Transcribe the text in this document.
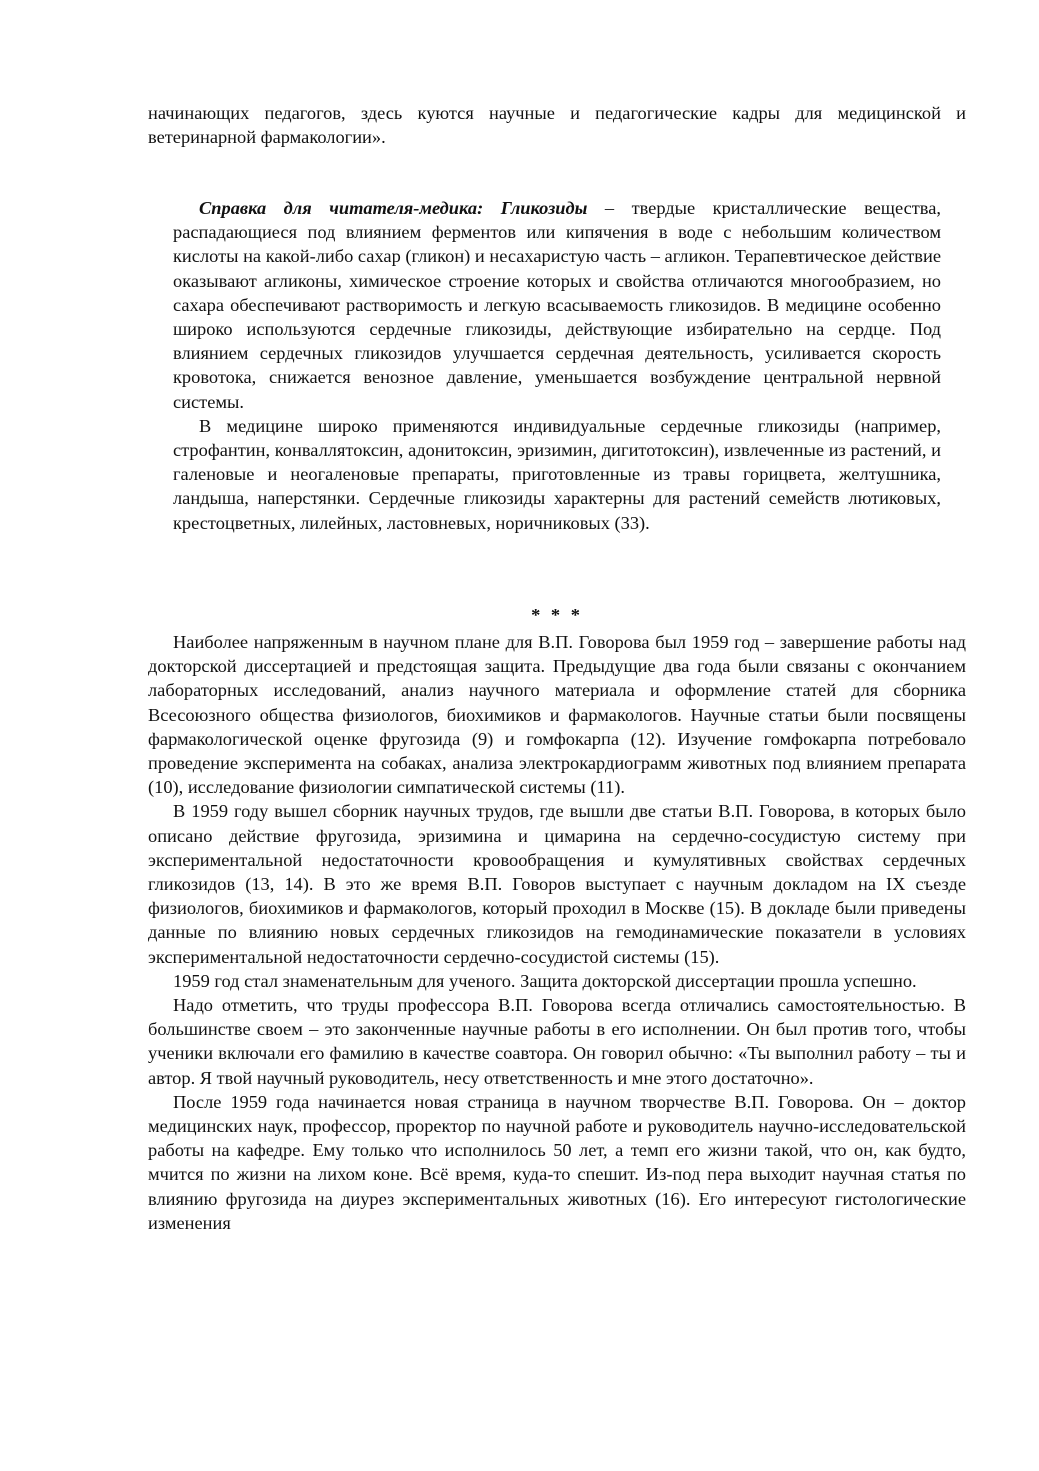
начинающих педагогов, здесь куются научные и педагогические кадры для медицинской и ветеринарной фармакологии».

Справка для читателя-медика: Гликозиды – твердые кристаллические вещества, распадающиеся под влиянием ферментов или кипячения в воде с небольшим количеством кислоты на какой-либо сахар (гликон) и несахаристую часть – агликон. Терапевтическое действие оказывают агликоны, химическое строение которых и свойства отличаются многообразием, но сахара обеспечивают растворимость и легкую всасываемость гликозидов. В медицине особенно широко используются сердечные гликозиды, действующие избирательно на сердце. Под влиянием сердечных гликозидов улучшается сердечная деятельность, усиливается скорость кровотока, снижается венозное давление, уменьшается возбуждение центральной нервной системы.

В медицине широко применяются индивидуальные сердечные гликозиды (например, строфантин, конваллятоксин, адонитоксин, эризимин, дигитотоксин), извлеченные из растений, и галеновые и неогаленовые препараты, приготовленные из травы горицвета, желтушника, ландыша, наперстянки. Сердечные гликозиды характерны для растений семейств лютиковых, крестоцветных, лилейных, ластовневых, норичниковых (33).

* * *

Наиболее напряженным в научном плане для В.П. Говорова был 1959 год – завершение работы над докторской диссертацией и предстоящая защита. Предыдущие два года были связаны с окончанием лабораторных исследований, анализ научного материала и оформление статей для сборника Всесоюзного общества физиологов, биохимиков и фармакологов. Научные статьи были посвящены фармакологической оценке фругозида (9) и гомфокарпа (12). Изучение гомфокарпа потребовало проведение эксперимента на собаках, анализа электрокардиограмм животных под влиянием препарата (10), исследование физиологии симпатической системы (11).

В 1959 году вышел сборник научных трудов, где вышли две статьи В.П. Говорова, в которых было описано действие фругозида, эризимина и цимарина на сердечно-сосудистую систему при экспериментальной недостаточности кровообращения и кумулятивных свойствах сердечных гликозидов (13, 14). В это же время В.П. Говоров выступает с научным докладом на IX съезде физиологов, биохимиков и фармакологов, который проходил в Москве (15). В докладе были приведены данные по влиянию новых сердечных гликозидов на гемодинамические показатели в условиях экспериментальной недостаточности сердечно-сосудистой системы (15).

1959 год стал знаменательным для ученого. Защита докторской диссертации прошла успешно.

Надо отметить, что труды профессора В.П. Говорова всегда отличались самостоятельностью. В большинстве своем – это законченные научные работы в его исполнении. Он был против того, чтобы ученики включали его фамилию в качестве соавтора. Он говорил обычно: «Ты выполнил работу – ты и автор. Я твой научный руководитель, несу ответственность и мне этого достаточно».

После 1959 года начинается новая страница в научном творчестве В.П. Говорова. Он – доктор медицинских наук, профессор, проректор по научной работе и руководитель научно-исследовательской работы на кафедре. Ему только что исполнилось 50 лет, а темп его жизни такой, что он, как будто, мчится по жизни на лихом коне. Всё время, куда-то спешит. Из-под пера выходит научная статья по влиянию фругозида на диурез экспериментальных животных (16). Его интересуют гистологические изменения
